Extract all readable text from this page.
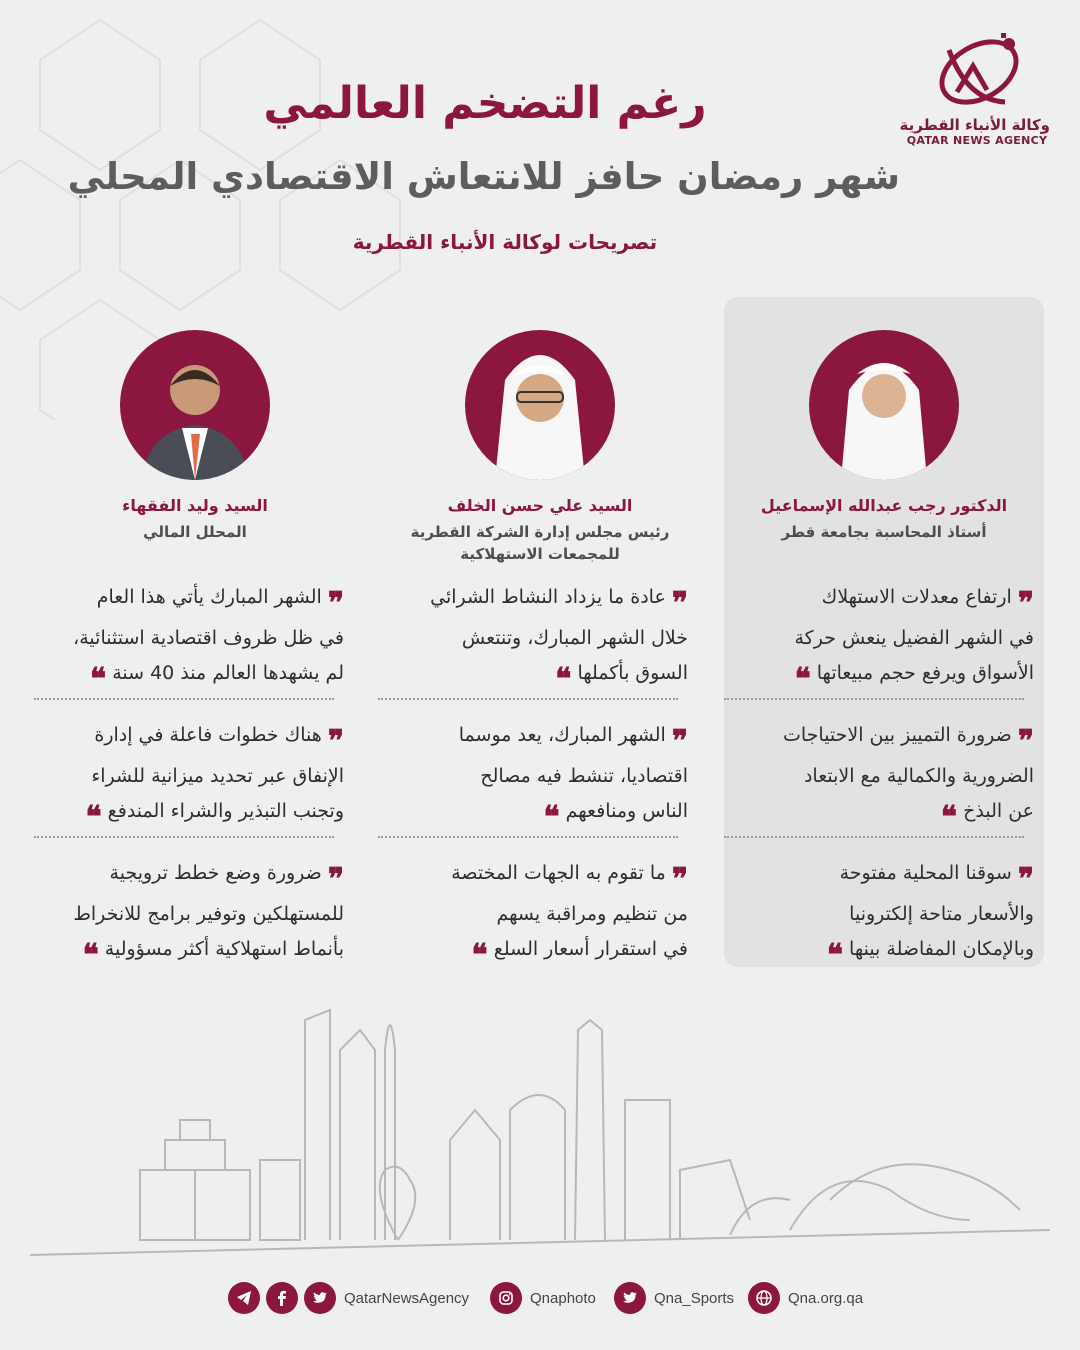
وكالة الأنباء القطرية
QATAR NEWS AGENCY
رغم التضخم العالمي
شهر رمضان حافز للانتعاش الاقتصادي المحلي
تصريحات لوكالة الأنباء القطرية
الدكتور رجب عبدالله الإسماعيل
أستاذ المحاسبة بجامعة قطر
السيد علي حسن الخلف
رئيس مجلس إدارة الشركة القطرية للمجمعات الاستهلاكية
السيد وليد الفقهاء
المحلل المالي
❞ ارتفاع معدلات الاستهلاك
في الشهر الفضيل ينعش حركة
الأسواق ويرفع حجم مبيعاتها ❝
❞ ضرورة التمييز بين الاحتياجات
الضرورية والكمالية مع الابتعاد
عن البذخ ❝
❞ سوقنا المحلية مفتوحة
والأسعار متاحة إلكترونيا
وبالإمكان المفاضلة بينها ❝
❞ عادة ما يزداد النشاط الشرائي
خلال الشهر المبارك، وتنتعش
السوق بأكملها ❝
❞ الشهر المبارك، يعد موسما
اقتصاديا، تنشط فيه مصالح
الناس ومنافعهم ❝
❞ ما تقوم به الجهات المختصة
من تنظيم ومراقبة يسهم
في استقرار أسعار السلع ❝
❞ الشهر المبارك يأتي هذا العام
في ظل ظروف اقتصادية استثنائية،
لم يشهدها العالم منذ 40 سنة ❝
❞ هناك خطوات فاعلة في إدارة
الإنفاق عبر تحديد ميزانية للشراء
وتجنب التبذير والشراء المندفع ❝
❞ ضرورة وضع خطط ترويجية
للمستهلكين وتوفير برامج للانخراط
بأنماط استهلاكية أكثر مسؤولية ❝
QatarNewsAgency	Qnaphoto	Qna_Sports	Qna.org.qa
